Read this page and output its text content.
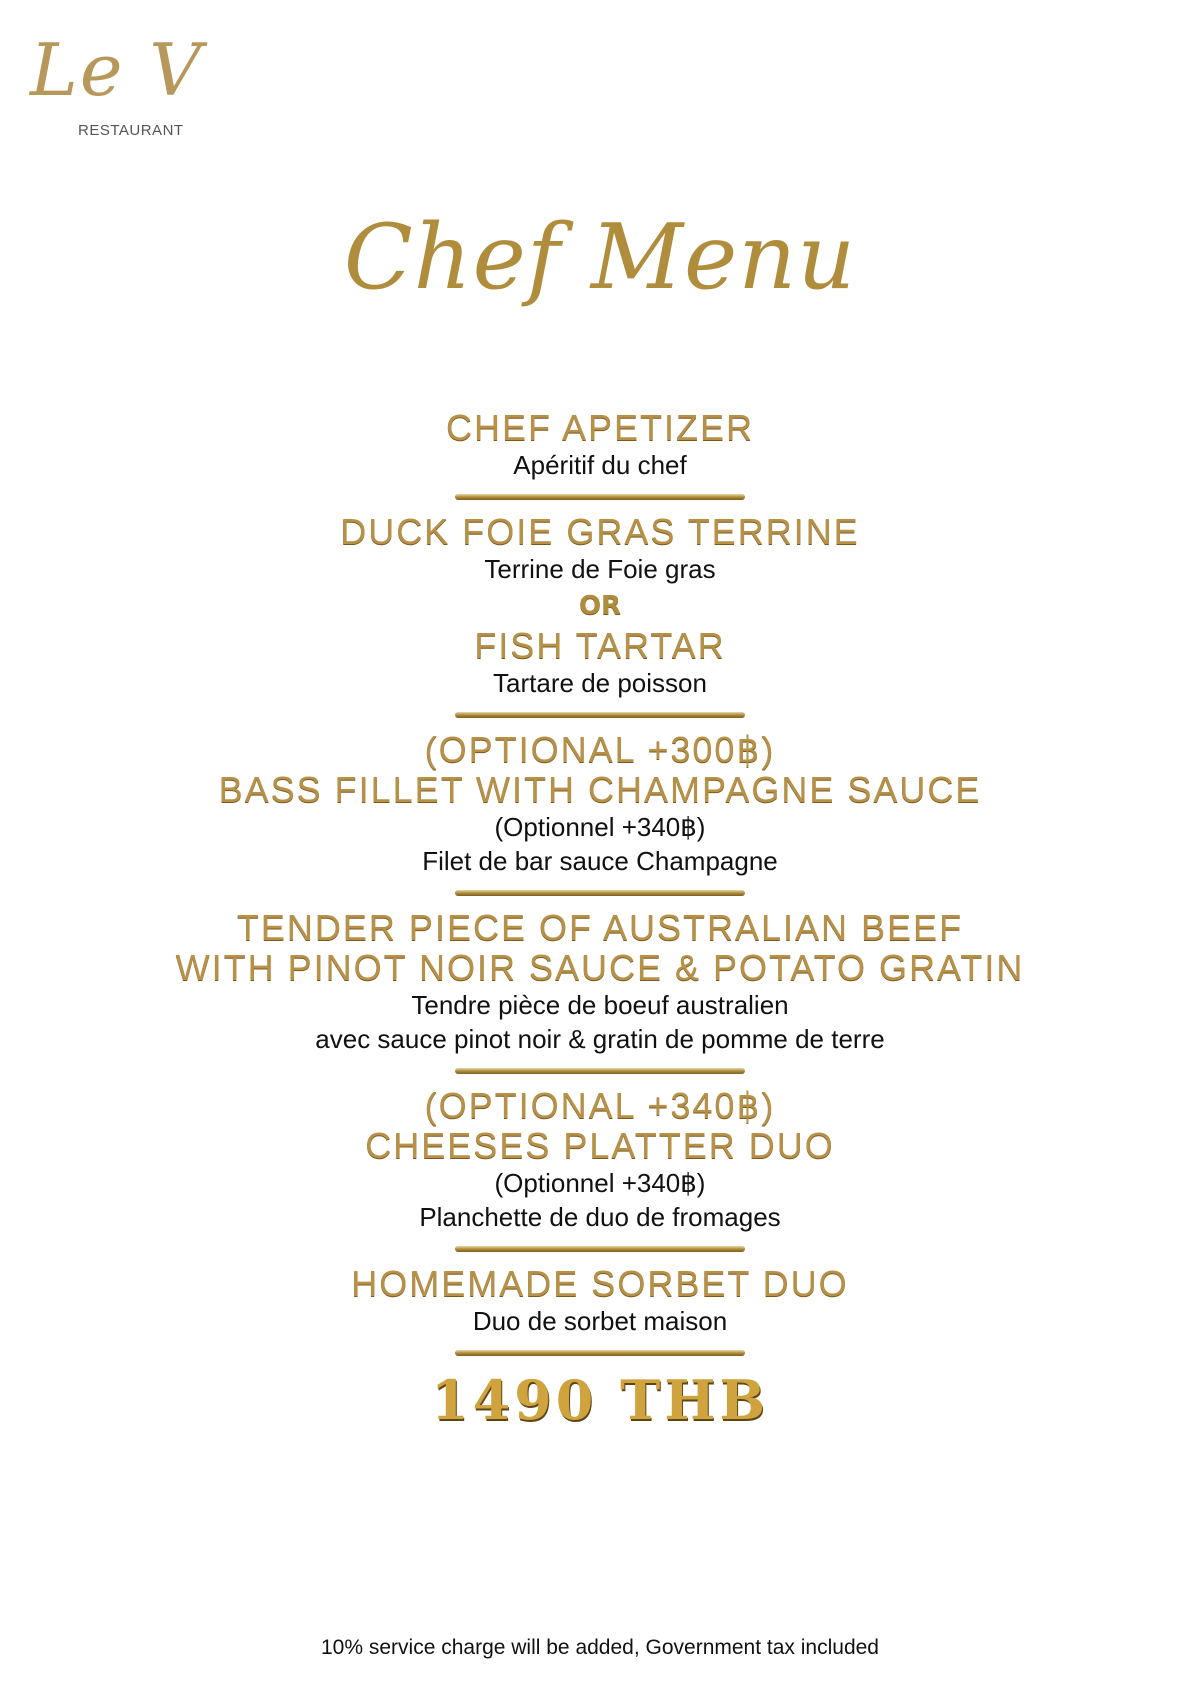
Le V
RESTAURANT
Chef Menu
CHEF APETIZER
Apéritif du chef
DUCK FOIE GRAS TERRINE
Terrine de Foie gras
OR
FISH TARTAR
Tartare de poisson
(OPTIONAL +300฿)
BASS FILLET WITH CHAMPAGNE SAUCE
(Optionnel +340฿)
Filet de bar sauce Champagne
TENDER PIECE OF AUSTRALIAN BEEF
WITH PINOT NOIR SAUCE & POTATO GRATIN
Tendre pièce de boeuf australien
avec sauce pinot noir & gratin de pomme de terre
(OPTIONAL +340฿)
CHEESES PLATTER DUO
(Optionnel +340฿)
Planchette de duo de fromages
HOMEMADE SORBET DUO
Duo de sorbet maison
1490 THB
10% service charge will be added, Government tax included
